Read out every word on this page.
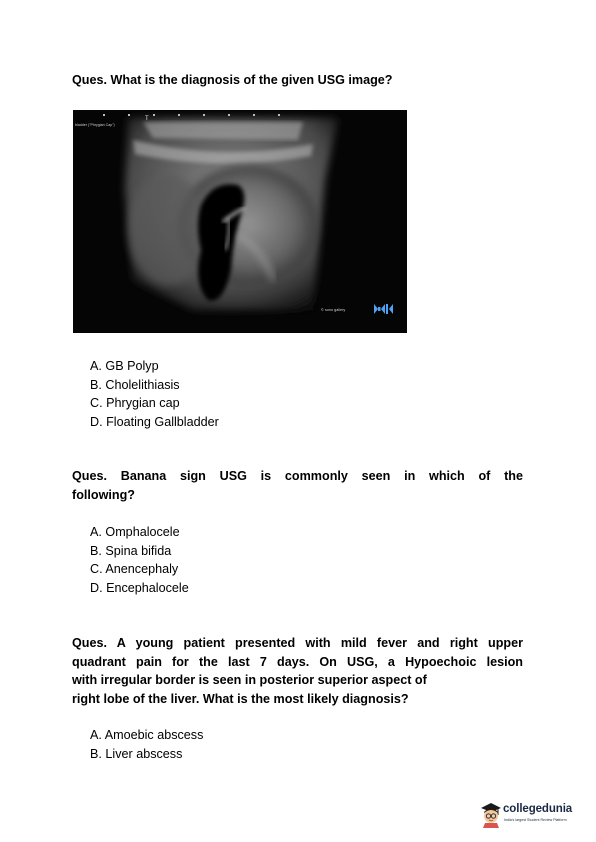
Ques. What is the diagnosis of the given USG image?
bladder ("Phrygian Cap")
T
© sono gallery
A. GB Polyp
B. Cholelithiasis
C. Phrygian cap
D. Floating Gallbladder
Ques. Banana sign USG is commonly seen in which of the
following?
A. Omphalocele
B. Spina bifida
C. Anencephaly
D. Encephalocele
Ques. A young patient presented with mild fever and right upper
quadrant pain for the last 7 days. On USG, a Hypoechoic lesion
with irregular border is seen in posterior superior aspect of
right lobe of the liver. What is the most likely diagnosis?
A. Amoebic abscess
B. Liver abscess
collegedunia
India's largest Student Review Platform
